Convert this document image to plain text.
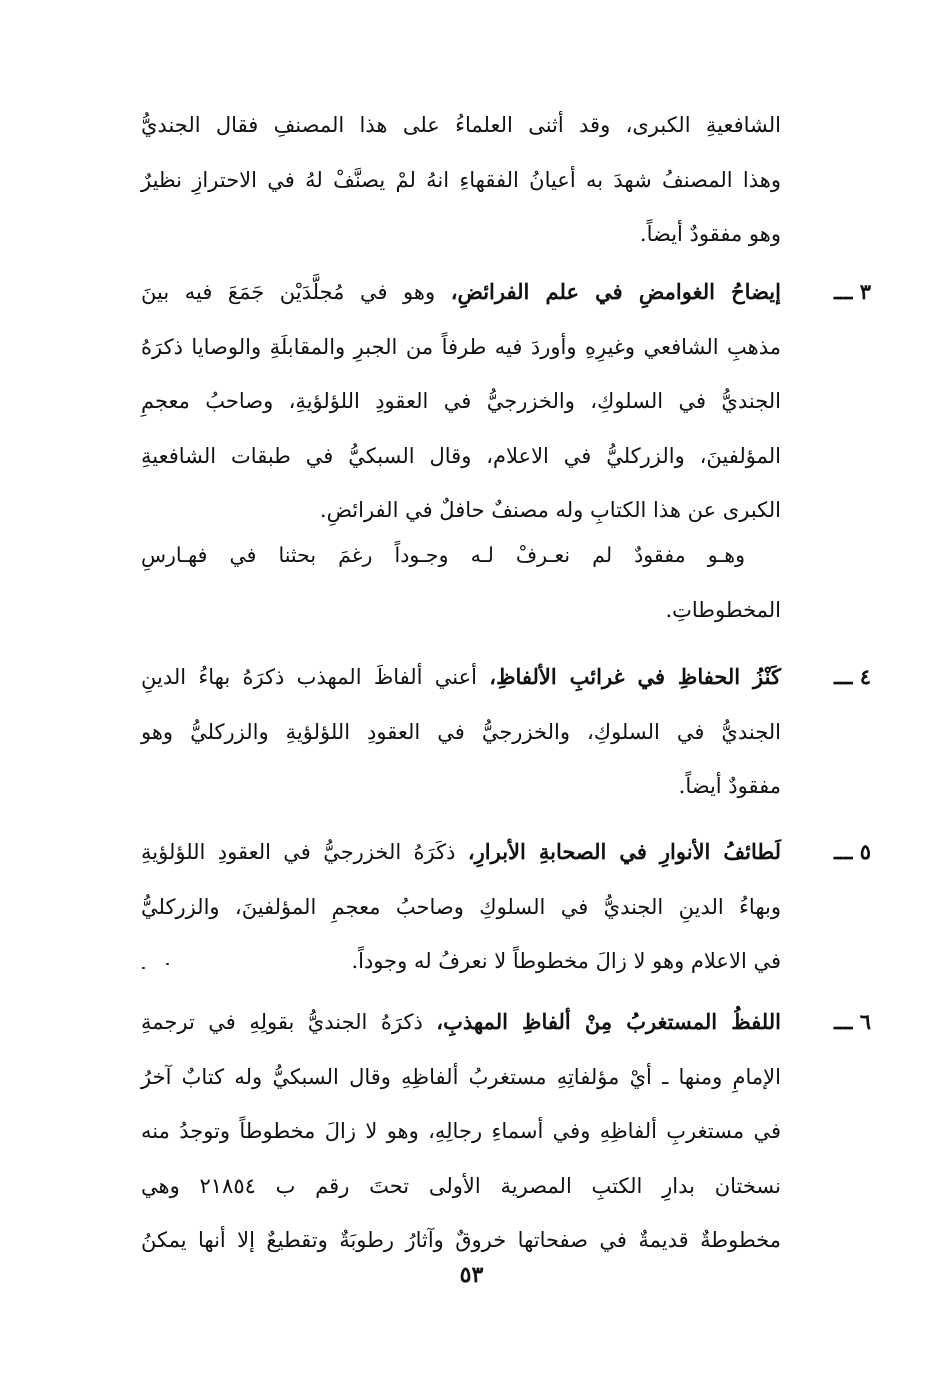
الشافعيةِ الكبرى، وقد أثنى العلماءُ على هذا المصنفِ فقال الجنديُّ
وهذا المصنفُ شهدَ به أعيانُ الفقهاءِ انهُ لمْ يصنَّفْ لهُ في الاحترازِ نظيرٌ
وهو مفقودٌ أيضاً.
٣ ـــ
إيضاحُ الغوامضِ في علم الفرائضِ، وهو في مُجلَّدَيْن جَمَعَ فيه بينَ
مذهبِ الشافعي وغيرِهِ وأوردَ فيه طرفاً من الجبرِ والمقابلَةِ والوصايا ذكرَهُ
الجنديُّ في السلوكِ، والخزرجيُّ في العقودِ اللؤلؤيةِ، وصاحبُ معجمِ
المؤلفينَ، والزركليُّ في الاعلام، وقال السبكيُّ في طبقات الشافعيةِ
الكبرى عن هذا الكتابِ وله مصنفٌ حافلٌ في الفرائضِ.
وهـو مفقودٌ لم نعـرفْ لـه وجـوداً رغمَ بحثنا في فهـارسِ
المخطوطاتِ.
٤ ـــ
كَنْزُ الحفاظِ في غرائبِ الألفاظِ، أعني ألفاظَ المهذب ذكرَهُ بهاءُ الدينِ
الجنديُّ في السلوكِ، والخزرجيُّ في العقودِ اللؤلؤيةِ والزركليُّ وهو
مفقودٌ أيضاً.
٥ ـــ
لَطائفُ الأنوارِ في الصحابةِ الأبرارِ، ذكَرَهُ الخزرجيُّ في العقودِ اللؤلؤيةِ
وبهاءُ الدينِ الجنديُّ في السلوكِ وصاحبُ معجمِ المؤلفينَ، والزركليُّ
في الاعلام وهو لا زالَ مخطوطاً لا نعرفُ له وجوداً.
٦ ـــ
اللفظُ المستغربُ مِنْ ألفاظِ المهذبِ، ذكرَهُ الجنديُّ بقولِهِ في ترجمةِ
الإمامِ ومنها ـ أيْ مؤلفاتِهِ مستغربُ ألفاظِهِ وقال السبكيُّ وله كتابٌ آخرُ
في مستغربِ ألفاظِهِ وفي أسماءِ رجالِهِ، وهو لا زالَ مخطوطاً وتوجدُ منه
نسختان بدارِ الكتبِ المصرية الأولى تحتَ رقم ب ٢١٨٥٤ وهي
مخطوطةٌ قديمةٌ في صفحاتها خروقٌ وآثارُ رطوبَةٌ وتقطيعٌ إلا أنها يمكنُ
٥٣
